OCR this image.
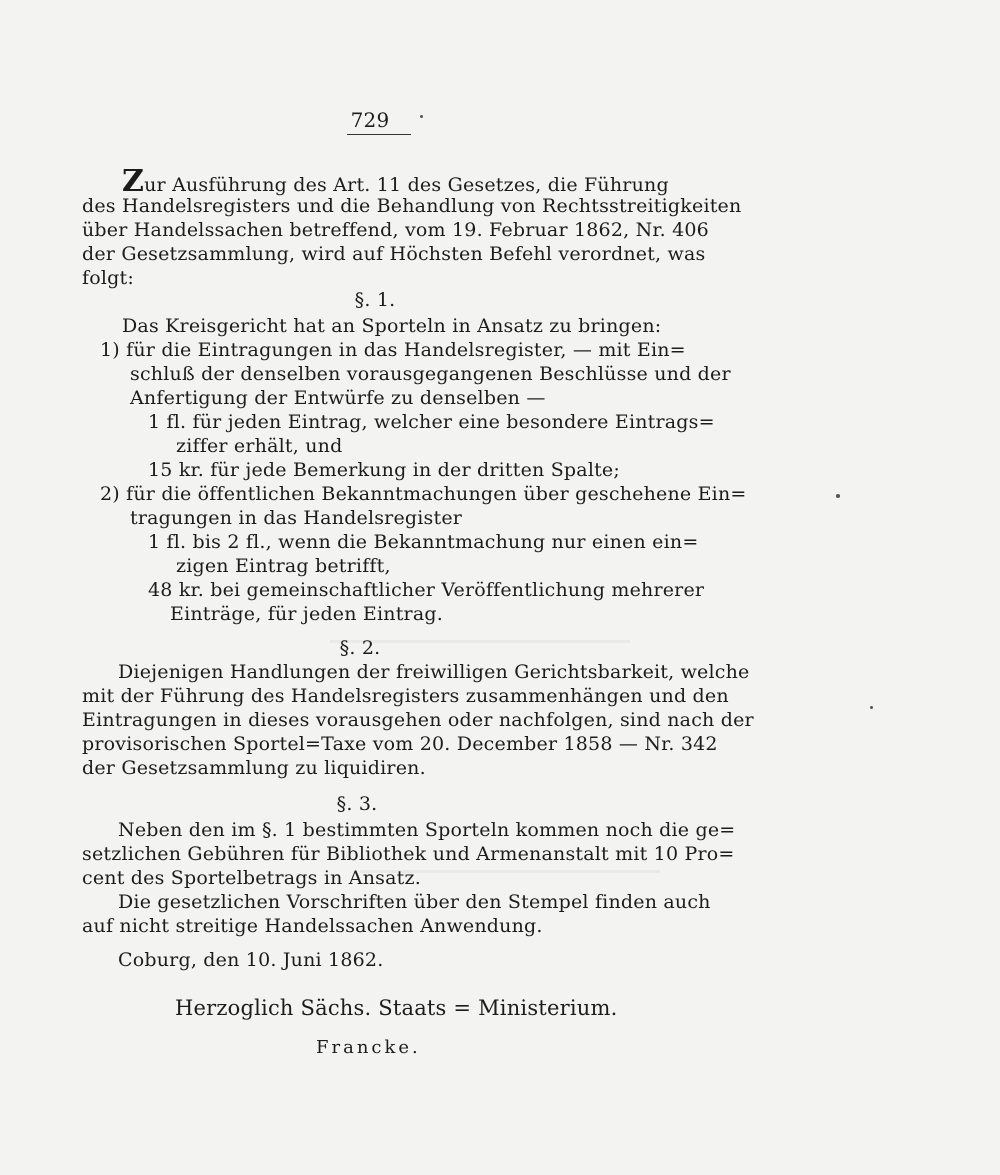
729
Zur Ausführung des Art. 11 des Gesetzes, die Führung
des Handelsregisters und die Behandlung von Rechtsstreitigkeiten
über Handelssachen betreffend, vom 19. Februar 1862, Nr. 406
der Gesetzsammlung, wird auf Höchsten Befehl verordnet, was
folgt:
§. 1.
Das Kreisgericht hat an Sporteln in Ansatz zu bringen:
1) für die Eintragungen in das Handelsregister, — mit Ein=
schluß der denselben vorausgegangenen Beschlüsse und der
Anfertigung der Entwürfe zu denselben —
1 fl. für jeden Eintrag, welcher eine besondere Eintrags=
ziffer erhält, und
15 kr. für jede Bemerkung in der dritten Spalte;
2) für die öffentlichen Bekanntmachungen über geschehene Ein=
tragungen in das Handelsregister
1 fl. bis 2 fl., wenn die Bekanntmachung nur einen ein=
zigen Eintrag betrifft,
48 kr. bei gemeinschaftlicher Veröffentlichung mehrerer
Einträge, für jeden Eintrag.
§. 2.
Diejenigen Handlungen der freiwilligen Gerichtsbarkeit, welche
mit der Führung des Handelsregisters zusammenhängen und den
Eintragungen in dieses vorausgehen oder nachfolgen, sind nach der
provisorischen Sportel=Taxe vom 20. December 1858 — Nr. 342
der Gesetzsammlung zu liquidiren.
§. 3.
Neben den im §. 1 bestimmten Sporteln kommen noch die ge=
setzlichen Gebühren für Bibliothek und Armenanstalt mit 10 Pro=
cent des Sportelbetrags in Ansatz.
Die gesetzlichen Vorschriften über den Stempel finden auch
auf nicht streitige Handelssachen Anwendung.
Coburg, den 10. Juni 1862.
Herzoglich Sächs. Staats = Ministerium.
Francke.
